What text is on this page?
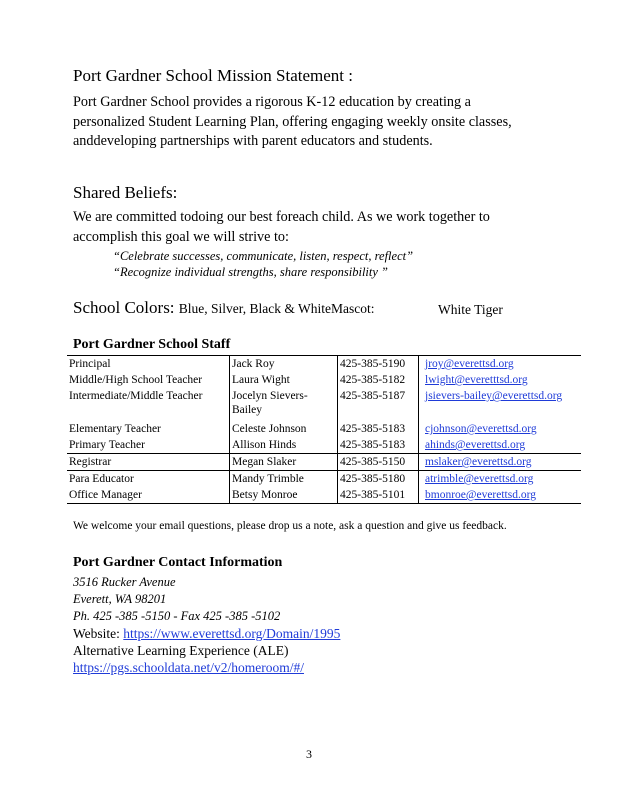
Port Gardner School Mission Statement :
Port Gardner School provides a rigorous K-12 education by creating a personalized Student Learning Plan, offering engaging weekly onsite classes, anddeveloping partnerships with parent educators and students.
Shared Beliefs:
We are committed todoing our best foreach child. As we work together to accomplish this goal we will strive to:
“Celebrate successes, communicate, listen, respect, reflect”
“Recognize individual strengths, share responsibility ”
School Colors: Blue, Silver, Black & WhiteMascot:	White Tiger
Port Gardner School Staff
Principal	Jack Roy	425-385-5190	jroy@everettsd.org
Middle/High School Teacher	Laura Wight	425-385-5182	lwight@everetttsd.org
Intermediate/Middle Teacher	Jocelyn Sievers-Bailey	425-385-5187	jsievers-bailey@everettsd.org
Elementary Teacher	Celeste Johnson	425-385-5183	cjohnson@everettsd.org
Primary Teacher	Allison Hinds	425-385-5183	ahinds@everettsd.org
Registrar	Megan Slaker	425-385-5150	mslaker@everettsd.org
Para Educator	Mandy Trimble	425-385-5180	atrimble@everettsd.org
Office Manager	Betsy Monroe	425-385-5101	bmonroe@everettsd.org
We welcome your email questions, please drop us a note, ask a question and give us feedback.
Port Gardner Contact Information
3516 Rucker Avenue
Everett, WA 98201
Ph. 425 -385 -5150 - Fax 425 -385 -5102
Website: https://www.everettsd.org/Domain/1995
Alternative Learning Experience (ALE)
https://pgs.schooldata.net/v2/homeroom/#/
3
